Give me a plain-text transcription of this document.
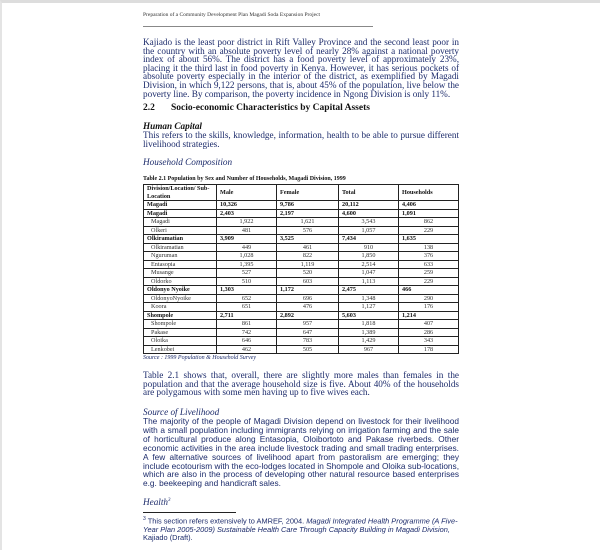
Preparation of a Community Development Plan Magadi Soda Expansion Project

Kajiado is the least poor district in Rift Valley Province and the second least poor in the country with an absolute poverty level of nearly 28% against a national poverty index of about 56%. The district has a food poverty level of approximately 23%, placing it the third last in food poverty in Kenya. However, it has serious pockets of absolute poverty especially in the interior of the district, as exemplified by Magadi Division, in which 9,122 persons, that is, about 45% of the population, live below the poverty line. By comparison, the poverty incidence in Ngong Division is only 11%.

2.2 Socio-economic Characteristics by Capital Assets
Human Capital

This refers to the skills, knowledge, information, health to be able to pursue different livelihood strategies.

Household Composition
Table 2.1 Population by Sex and Number of Households, Magadi Division, 1999
Division/Location/ Sub-Location	Male	Female	Total	Households
Magadi	10,326	9,786	20,112	4,406
Magadi	2,403	2,197	4,600	1,091
Magadi	1,922	1,621	3,543	862
Olkeri	481	576	1,057	229
Olkiramatian	3,909	3,525	7,434	1,635
Olkiramatian	449	461	910	138
Nguruman	1,028	822	1,850	376
Entasopia	1,395	1,119	2,514	633
Musange	527	520	1,047	259
Oldorko	510	603	1,113	229
Oldonyo Nyoike	1,303	1,172	2,475	466
OldonyoNyoike	652	696	1,348	290
Koora	651	476	1,127	176
Shompole	2,711	2,892	5,603	1,214
Shompole	861	957	1,818	407
Pakase	742	647	1,389	286
Oloika	646	783	1,429	343
Lenkobei	462	505	967	178
Source : 1999 Population & Household Survey

Table 2.1 shows that, overall, there are slightly more males than females in the population and that the average household size is five. About 40% of the households are polygamous with some men having up to five wives each.

Source of Livelihood

The majority of the people of Magadi Division depend on livestock for their livelihood with a small population including immigrants relying on irrigation farming and the sale of horticultural produce along Entasopia, Oloibortoto and Pakase riverbeds. Other economic activities in the area include livestock trading and small trading enterprises. A few alternative sources of livelihood apart from pastoralism are emerging; they include ecotourism with the eco-lodges located in Shompole and Oloika sub-locations, which are also in the process of developing other natural resource based enterprises e.g. beekeeping and handicraft sales.

Health$^3$
$^3$ This section refers extensively to AMREF, 2004. Magadi Integrated Health Programme (A Five-Year Plan 2005-2009) Sustainable Health Care Through Capacity Building in Magadi Division, Kajiado (Draft).
